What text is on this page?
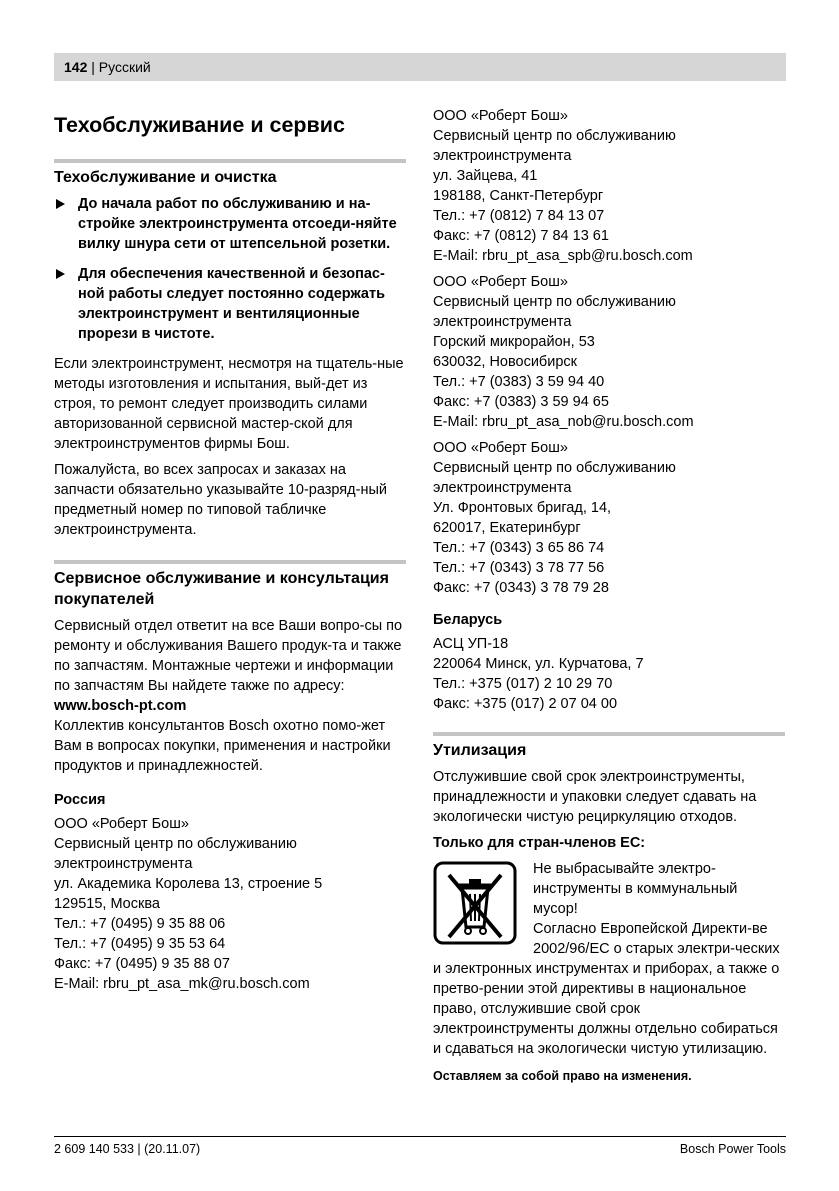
142 | Русский
Техобслуживание и сервис
Техобслуживание и очистка
До начала работ по обслуживанию и на-стройке электроинструмента отсоеди-няйте вилку шнура сети от штепсельной розетки.
Для обеспечения качественной и безопас-ной работы следует постоянно содержать электроинструмент и вентиляционные прорези в чистоте.
Если электроинструмент, несмотря на тщатель-ные методы изготовления и испытания, вый-дет из строя, то ремонт следует производить силами авторизованной сервисной мастер-ской для электроинструментов фирмы Бош.
Пожалуйста, во всех запросах и заказах на запчасти обязательно указывайте 10-разряд-ный предметный номер по типовой табличке электроинструмента.
Сервисное обслуживание и консультация покупателей
Сервисный отдел ответит на все Ваши вопро-сы по ремонту и обслуживания Вашего продук-та и также по запчастям. Монтажные чертежи и информации по запчастям Вы найдете также по адресу:
www.bosch-pt.com
Коллектив консультантов Bosch охотно помо-жет Вам в вопросах покупки, применения и настройки продуктов и принадлежностей.
Россия
ООО «Роберт Бош»
Сервисный центр по обслуживанию
электроинструмента
ул. Академика Королева 13, строение 5
129515, Москва
Тел.: +7 (0495) 9 35 88 06
Тел.: +7 (0495) 9 35 53 64
Факс: +7 (0495) 9 35 88 07
E-Mail: rbru_pt_asa_mk@ru.bosch.com
ООО «Роберт Бош»
Сервисный центр по обслуживанию
электроинструмента
ул. Зайцева, 41
198188, Санкт-Петербург
Тел.: +7 (0812) 7 84 13 07
Факс: +7 (0812) 7 84 13 61
E-Mail: rbru_pt_asa_spb@ru.bosch.com
ООО «Роберт Бош»
Сервисный центр по обслуживанию
электроинструмента
Горский микрорайон, 53
630032, Новосибирск
Тел.: +7 (0383) 3 59 94 40
Факс: +7 (0383) 3 59 94 65
E-Mail: rbru_pt_asa_nob@ru.bosch.com
ООО «Роберт Бош»
Сервисный центр по обслуживанию
электроинструмента
Ул. Фронтовых бригад, 14,
620017, Екатеринбург
Тел.: +7 (0343) 3 65 86 74
Тел.: +7 (0343) 3 78 77 56
Факс: +7 (0343) 3 78 79 28
Беларусь
АСЦ УП-18
220064 Минск, ул. Курчатова, 7
Тел.: +375 (017) 2 10 29 70
Факс: +375 (017) 2 07 04 00
Утилизация
Отслужившие свой срок электроинструменты, принадлежности и упаковки следует сдавать на экологически чистую рециркуляцию отходов.
Только для стран-членов ЕС:
Не выбрасывайте электро-инструменты в коммунальный мусор!
Согласно Европейской Директи-ве 2002/96/ЕС о старых электри-ческих и электронных инструментах и приборах, а также о претво-рении этой директивы в национальное право, отслужившие свой срок электроинструменты должны отдельно собираться и сдаваться на экологически чистую утилизацию.
Оставляем за собой право на изменения.
2 609 140 533 | (20.11.07)	Bosch Power Tools
